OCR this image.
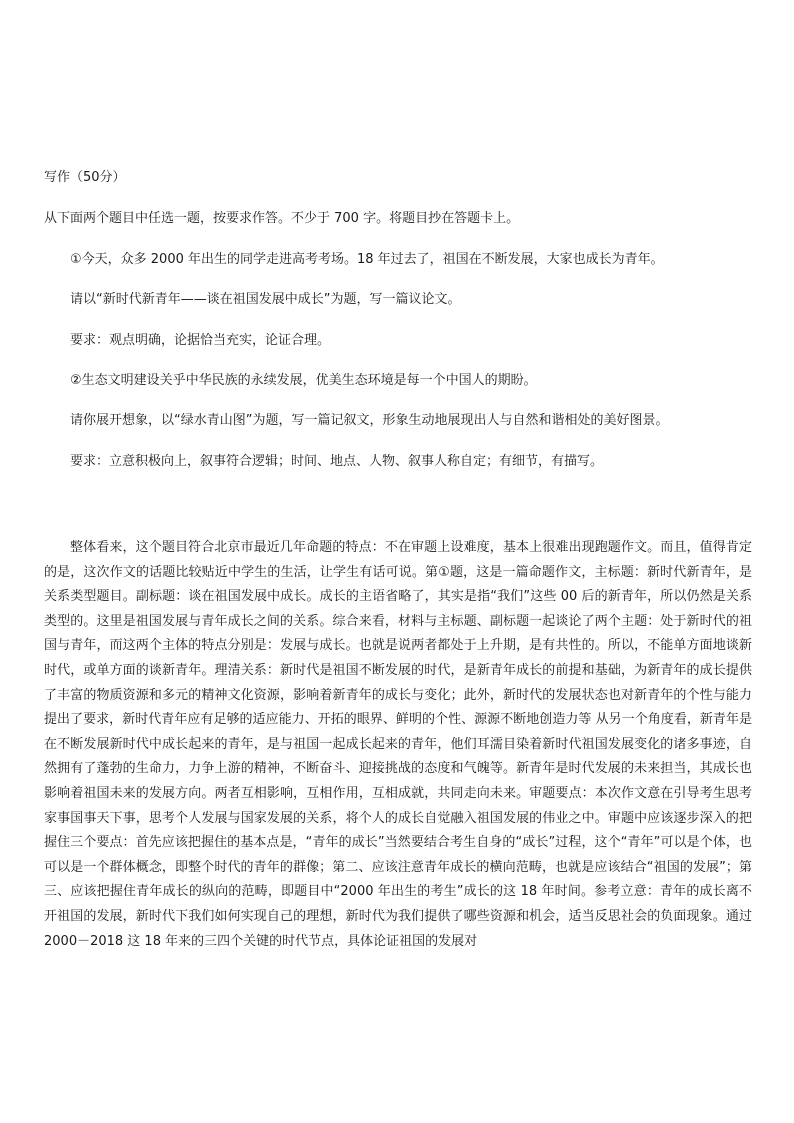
写作（50分）
从下面两个题目中任选一题，按要求作答。不少于 700 字。将题目抄在答题卡上。
①今天，众多 2000 年出生的同学走进高考考场。18 年过去了，祖国在不断发展，大家也成长为青年。
请以“新时代新青年——谈在祖国发展中成长”为题，写一篇议论文。
要求：观点明确，论据恰当充实，论证合理。
②生态文明建设关乎中华民族的永续发展，优美生态环境是每一个中国人的期盼。
请你展开想象，以“绿水青山图”为题，写一篇记叙文，形象生动地展现出人与自然和谐相处的美好图景。
要求：立意积极向上，叙事符合逻辑；时间、地点、人物、叙事人称自定；有细节，有描写。

整体看来，这个题目符合北京市最近几年命题的特点：不在审题上设难度，基本上很难出现跑题作文。而且，值得肯定的是，这次作文的话题比较贴近中学生的生活，让学生有话可说。第①题，这是一篇命题作文，主标题：新时代新青年，是关系类型题目。副标题：谈在祖国发展中成长。成长的主语省略了，其实是指“我们”这些 00 后的新青年，所以仍然是关系类型的。这里是祖国发展与青年成长之间的关系。综合来看，材料与主标题、副标题一起谈论了两个主题：处于新时代的祖国与青年，而这两个主体的特点分别是：发展与成长。也就是说两者都处于上升期，是有共性的。所以，不能单方面地谈新时代，或单方面的谈新青年。理清关系：新时代是祖国不断发展的时代，是新青年成长的前提和基础，为新青年的成长提供了丰富的物质资源和多元的精神文化资源，影响着新青年的成长与变化；此外，新时代的发展状态也对新青年的个性与能力提出了要求，新时代青年应有足够的适应能力、开拓的眼界、鲜明的个性、源源不断地创造力等 从另一个角度看，新青年是在不断发展新时代中成长起来的青年，是与祖国一起成长起来的青年，他们耳濡目染着新时代祖国发展变化的诸多事迹，自然拥有了蓬勃的生命力，力争上游的精神，不断奋斗、迎接挑战的态度和气魄等。新青年是时代发展的未来担当，其成长也影响着祖国未来的发展方向。两者互相影响，互相作用，互相成就，共同走向未来。审题要点：本次作文意在引导考生思考家事国事天下事，思考个人发展与国家发展的关系，将个人的成长自觉融入祖国发展的伟业之中。审题中应该逐步深入的把握住三个要点：首先应该把握住的基本点是，“青年的成长”当然要结合考生自身的“成长”过程，这个“青年”可以是个体，也可以是一个群体概念，即整个时代的青年的群像；第二、应该注意青年成长的横向范畴，也就是应该结合“祖国的发展”；第三、应该把握住青年成长的纵向的范畴，即题目中“2000 年出生的考生”成长的这 18 年时间。参考立意：青年的成长离不开祖国的发展，新时代下我们如何实现自己的理想，新时代为我们提供了哪些资源和机会，适当反思社会的负面现象。通过 2000－2018 这 18 年来的三四个关键的时代节点，具体论证祖国的发展对
